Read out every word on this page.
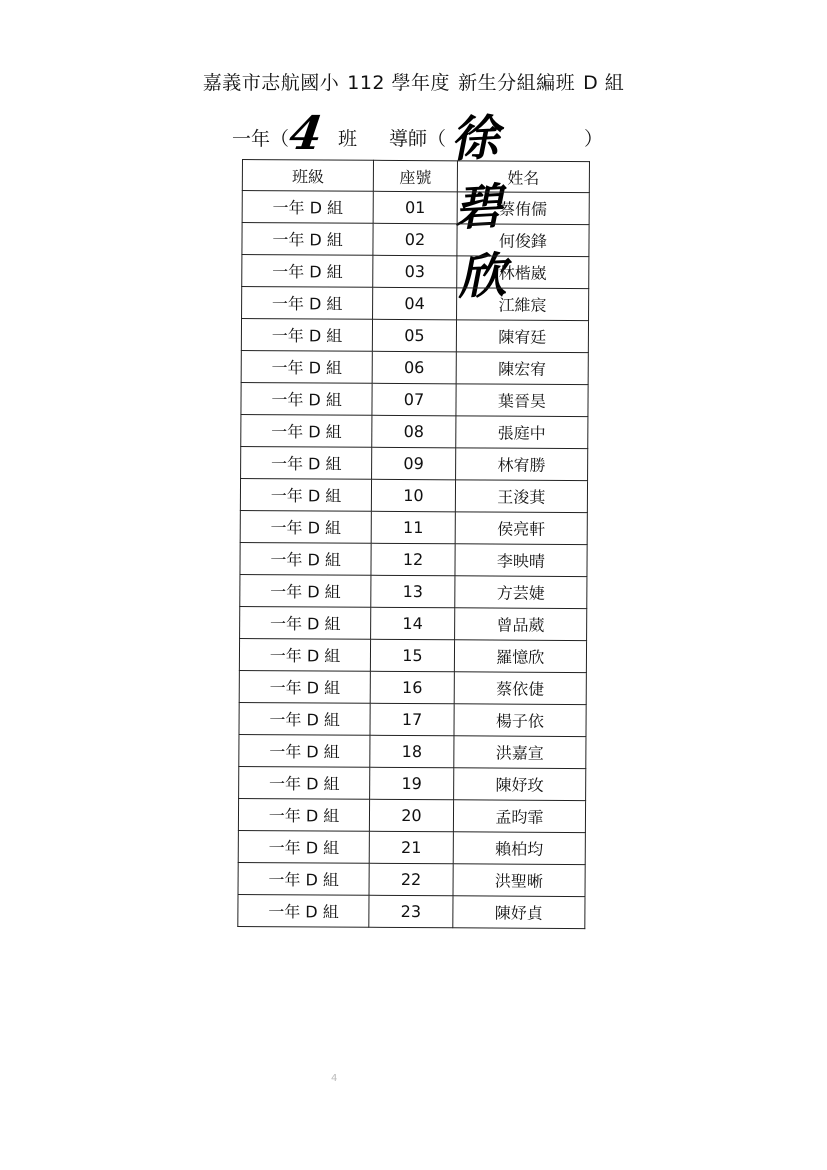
嘉義市志航國小 112 學年度 新生分組編班 D 組
一年（
4 班 導師（ 徐碧欣
）
班級	座號	姓名
一年 D 組	01	蔡侑儒
一年 D 組	02	何俊鋒
一年 D 組	03	林楷崴
一年 D 組	04	江維宸
一年 D 組	05	陳宥廷
一年 D 組	06	陳宏宥
一年 D 組	07	葉晉昊
一年 D 組	08	張庭中
一年 D 組	09	林宥勝
一年 D 組	10	王浚萁
一年 D 組	11	侯亮軒
一年 D 組	12	李映晴
一年 D 組	13	方芸婕
一年 D 組	14	曾品葳
一年 D 組	15	羅憶欣
一年 D 組	16	蔡依倢
一年 D 組	17	楊子依
一年 D 組	18	洪嘉宣
一年 D 組	19	陳妤玫
一年 D 組	20	孟昀霏
一年 D 組	21	賴柏均
一年 D 組	22	洪聖晰
一年 D 組	23	陳妤貞
4
